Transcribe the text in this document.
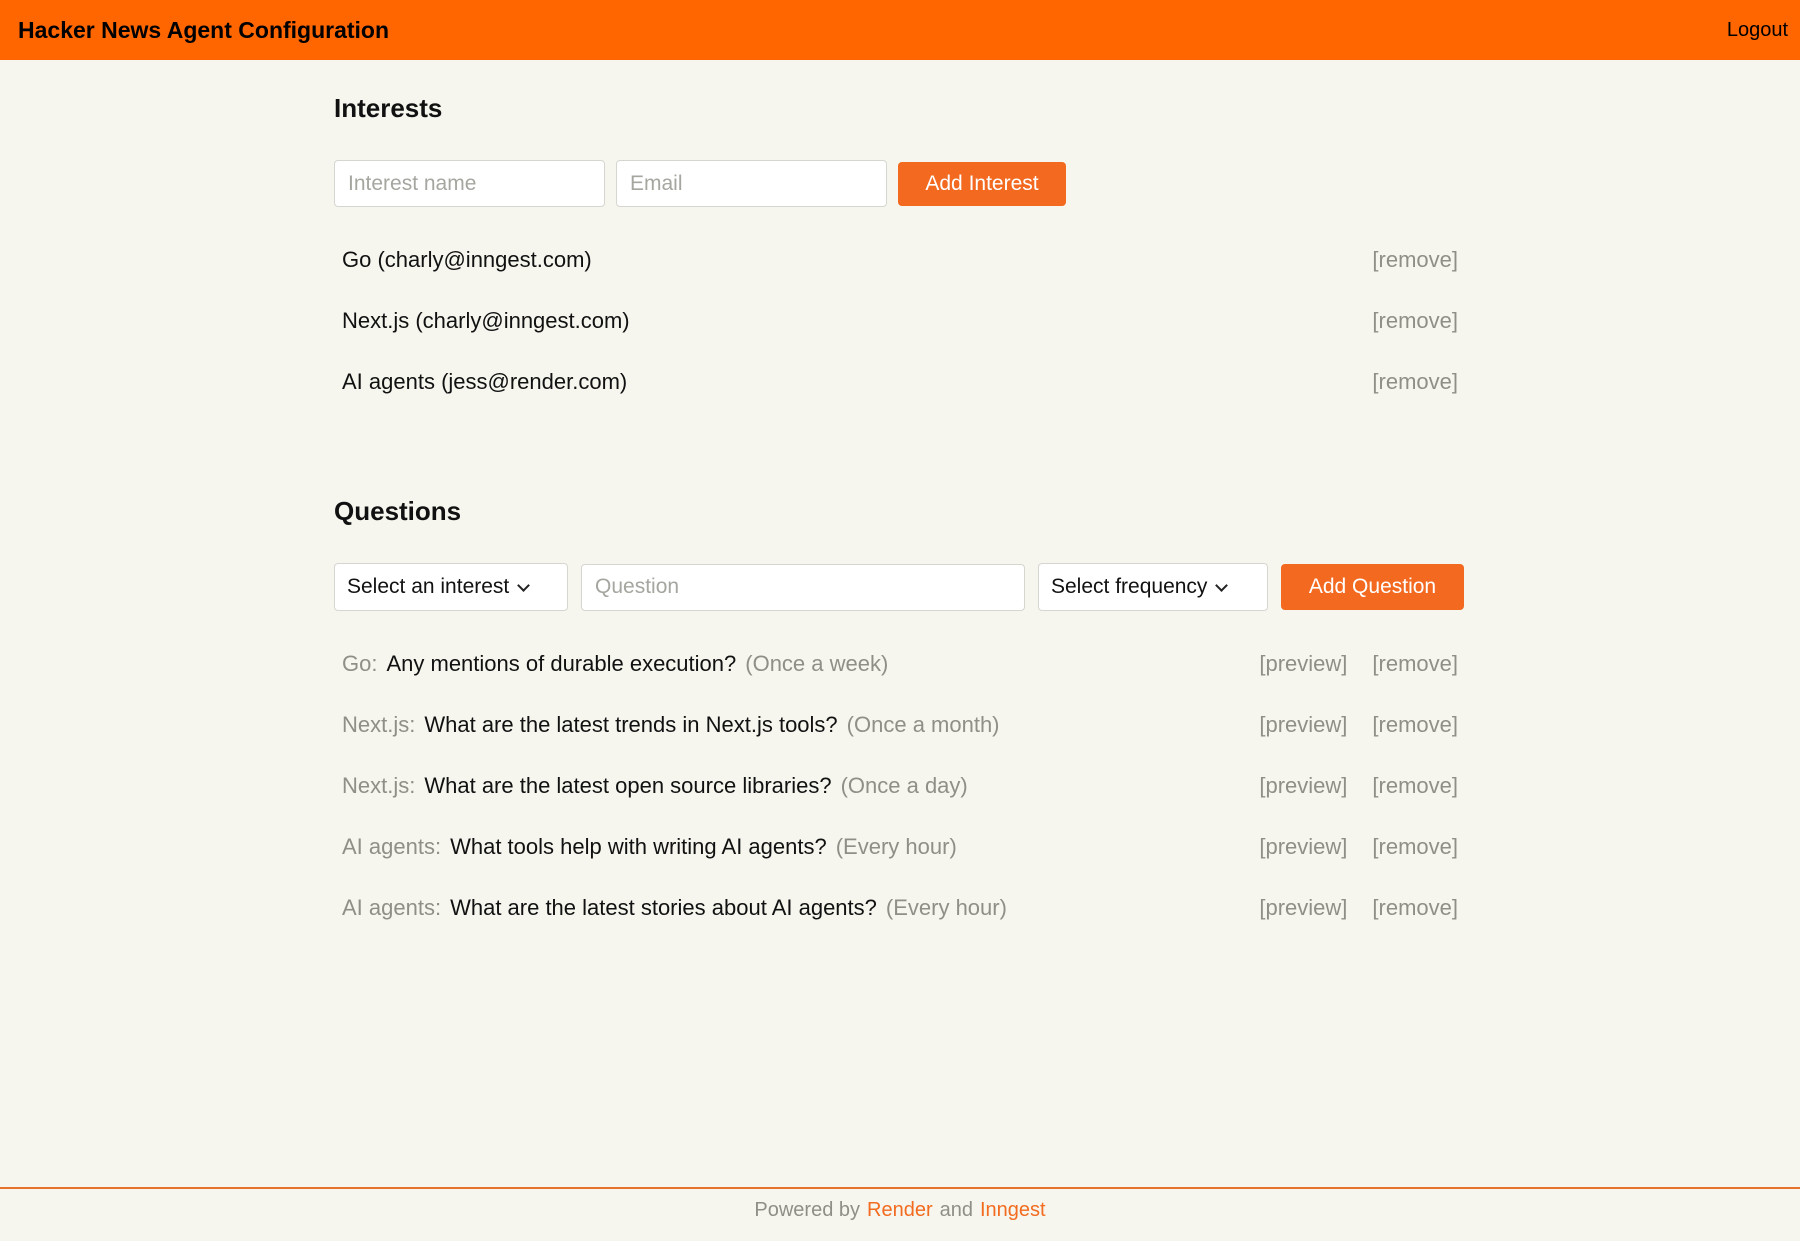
Hacker News Agent Configuration	Logout
Interests
Interest name
Email
Add Interest
Go (charly@inngest.com)	[remove]
Next.js (charly@inngest.com)	[remove]
AI agents (jess@render.com)	[remove]
Questions
Select an interest
Question	Select frequency	Add Question
Go: Any mentions of durable execution? (Once a week)	[preview] [remove]
Next.js: What are the latest trends in Next.js tools? (Once a month)	[preview] [remove]
Next.js: What are the latest open source libraries? (Once a day)	[preview] [remove]
AI agents: What tools help with writing AI agents? (Every hour)	[preview] [remove]
AI agents: What are the latest stories about AI agents? (Every hour)	[preview] [remove]
Powered by Render and Inngest
